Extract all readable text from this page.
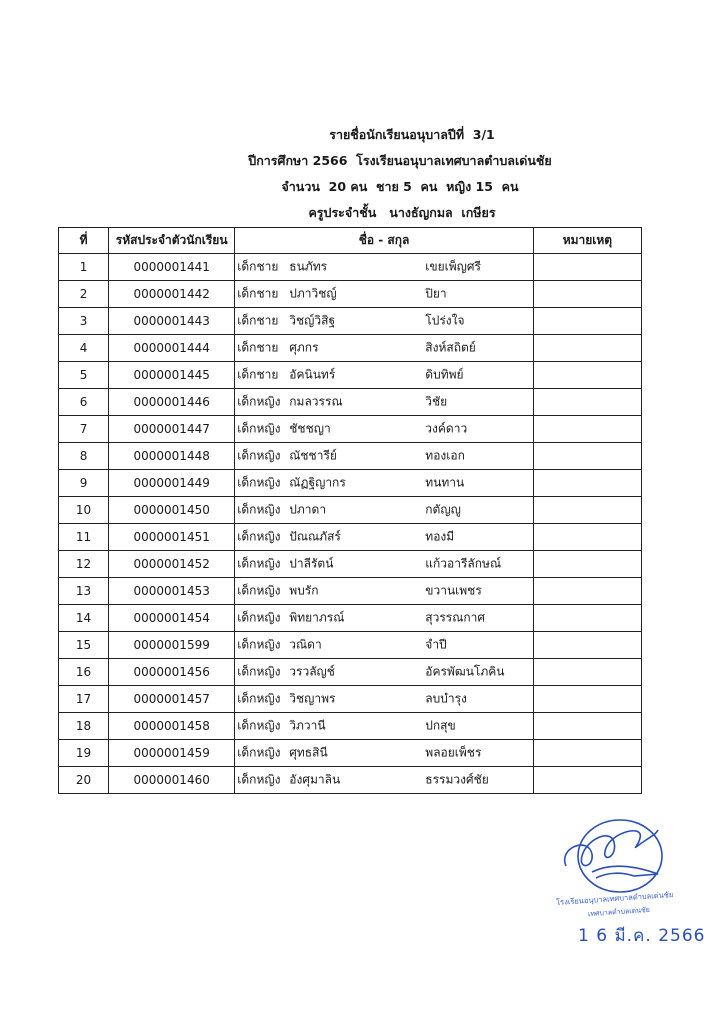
รายชื่อนักเรียนอนุบาลปีที่  3/1
ปีการศึกษา 2566  โรงเรียนอนุบาลเทศบาลตำบลเด่นชัย
จำนวน  20 คน  ชาย 5  คน  หญิง 15  คน
ครูประจำชั้น   นางธัญกมล  เกษียร
ที่	รหัสประจำตัวนักเรียน	ชื่อ - สกุล	หมายเหตุ
1	0000001441	เด็กชาย ธนภัทร เขยเพ็ญศรี	

2	0000001442	เด็กชาย ปภาวิชญ์ ปิยา	

3	0000001443	เด็กชาย วิชญ์วิสิฐ โปร่งใจ	

4	0000001444	เด็กชาย ศุภกร สิงห์สถิตย์	

5	0000001445	เด็กชาย อัคนินทร์ ดิบทิพย์	

6	0000001446	เด็กหญิง กมลวรรณ วิชัย	

7	0000001447	เด็กหญิง ชัชชญา วงค์ดาว	

8	0000001448	เด็กหญิง ณัชชารีย์ ทองเอก	

9	0000001449	เด็กหญิง ณัฏฐิญากร ทนทาน	

10	0000001450	เด็กหญิง ปภาดา กตัญญู	

11	0000001451	เด็กหญิง ปัณณภัสร์ ทองมี	

12	0000001452	เด็กหญิง ปาลีรัตน์ แก้วอารีลักษณ์	

13	0000001453	เด็กหญิง พบรัก ขวานเพชร	

14	0000001454	เด็กหญิง พิทยาภรณ์ สุวรรณกาศ	

15	0000001599	เด็กหญิง วณิดา จำปี	

16	0000001456	เด็กหญิง วรวลัญช์ อัครพัฒนโภคิน	

17	0000001457	เด็กหญิง วิชญาพร ลบบำรุง	

18	0000001458	เด็กหญิง วิภวานี ปกสุข	

19	0000001459	เด็กหญิง ศุทธสินี พลอยเพ็ชร	

20	0000001460	เด็กหญิง อังศุมาลิน ธรรมวงศ์ชัย	

โรงเรียนอนุบาลเทศบาลตำบลเด่นชัย
เทศบาลตำบลเด่นชัย
1 6 มี.ค. 2566
